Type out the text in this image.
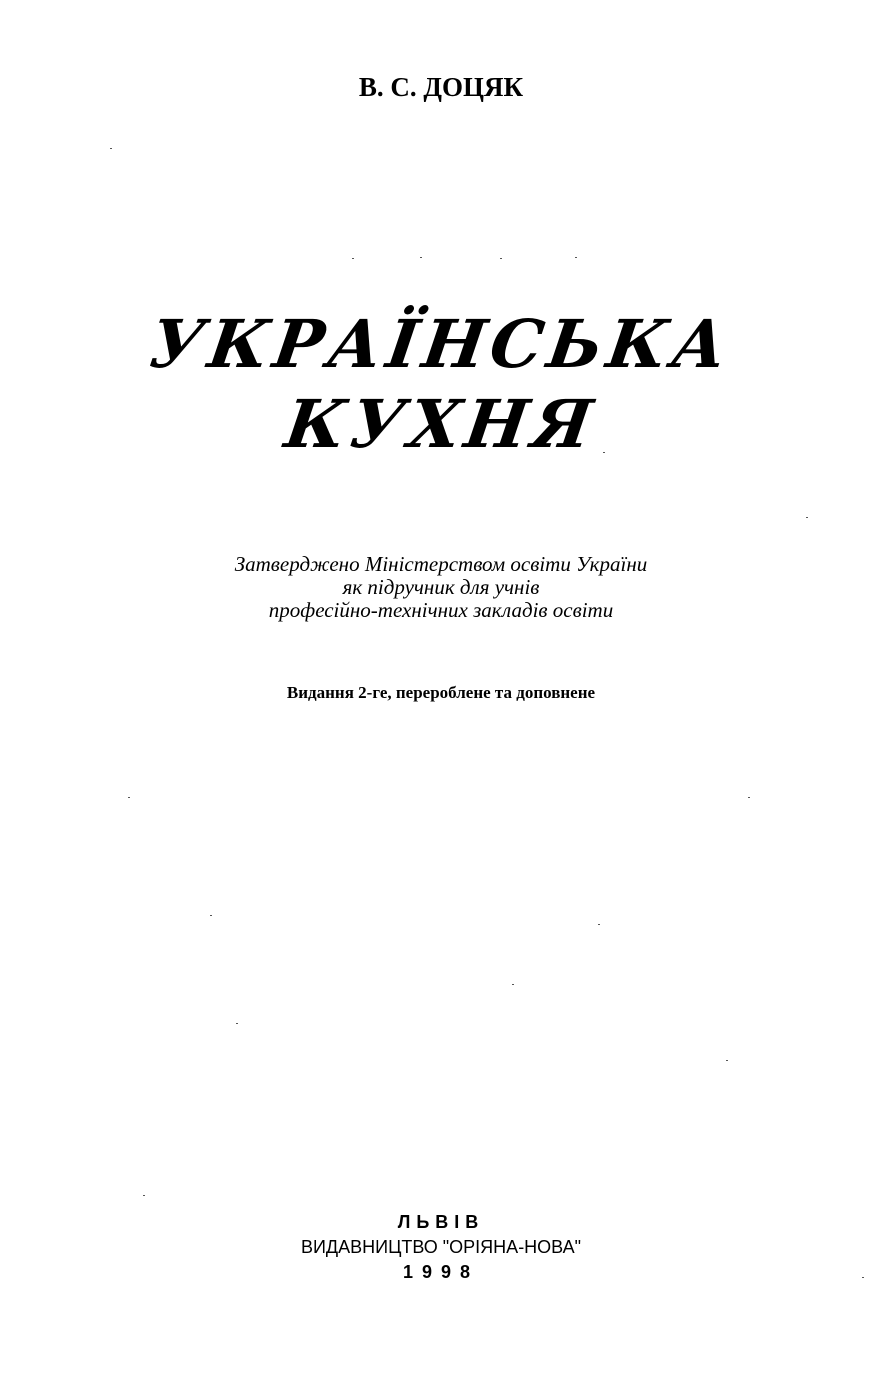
В. С. ДОЦЯК
УКРАЇНСЬКА
КУХНЯ
Затверджено Міністерством освіти України
як підручник для учнів
професійно-технічних закладів освіти
Видання 2-ге, перероблене та доповнене
ЛЬВІВ
ВИДАВНИЦТВО "ОРІЯНА-НОВА"
1998
